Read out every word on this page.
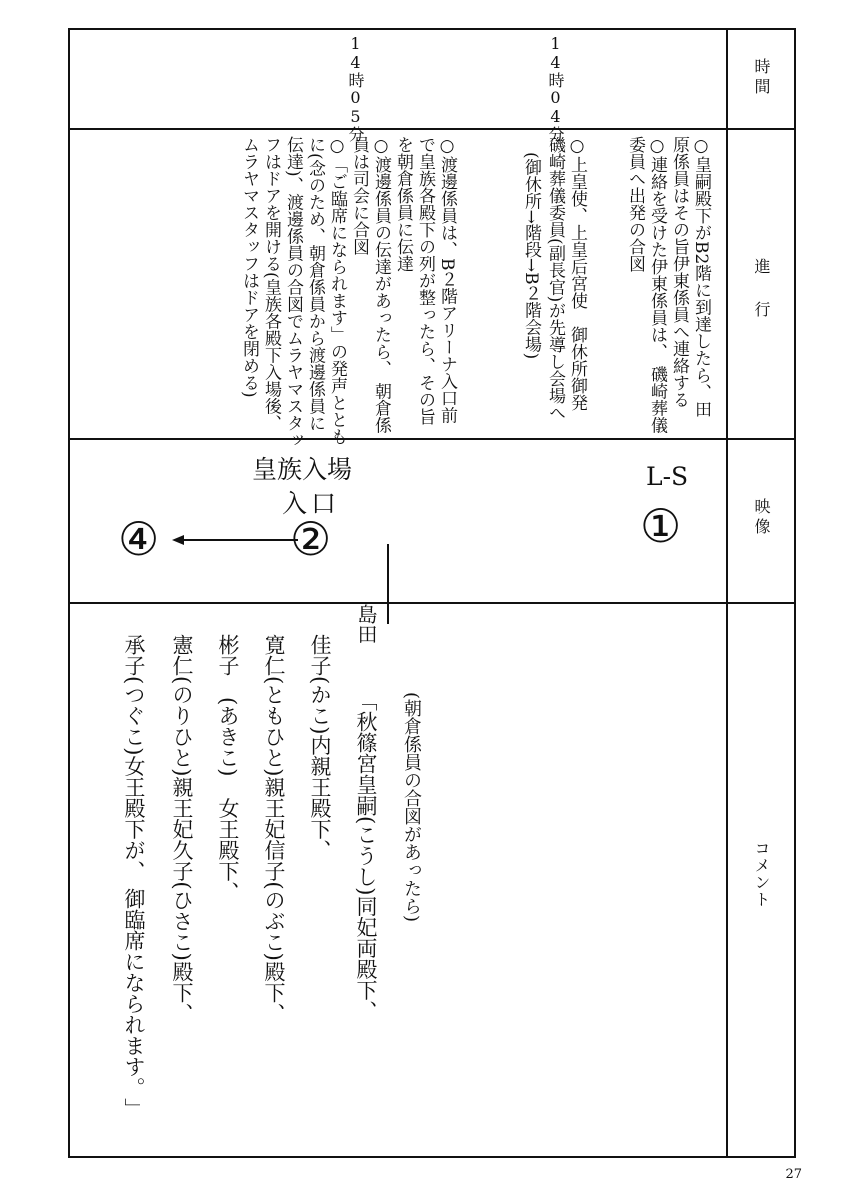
時間
進 行
映像
コメント
14時04分
14時05分
○皇嗣殿下がB2階に到達したら、田
原係員はその旨伊東係員へ連絡する
○連絡を受けた伊東係員は、 磯崎葬儀
委員へ出発の合図
○上皇使、上皇后宮使　御休所御発
磯崎葬儀委員(副長官)が先導し会場へ
(御休所→階段→B２階会場)
○渡邊係員は、B２階アリーナ入口前
で皇族各殿下の列が整ったら、その旨
を朝倉係員に伝達
○渡邊係員の伝達があったら、 朝倉係
員は司会に合図
○「ご臨席になられます」の発声ととも
に(念のため、朝倉係員から渡邊係員に
伝達)、渡邊係員の合図でムラヤマスタッ
フはドアを開ける(皇族各殿下入場後、
ムラヤマスタッフはドアを閉める)
皇族入場
入口
L-S
①
②
④
(朝倉係員の合図があったら)
島田
「秋篠宮皇嗣(こうし)同妃両殿下、
佳子(かこ)内親王殿下、
寛仁(ともひと)親王妃信子(のぶこ)殿下、
彬子　(あきこ)　女王殿下、
憲仁(のりひと)親王妃久子(ひさこ)殿下、
承子(つぐこ)女王殿下が、 御臨席になられます。
」
27
